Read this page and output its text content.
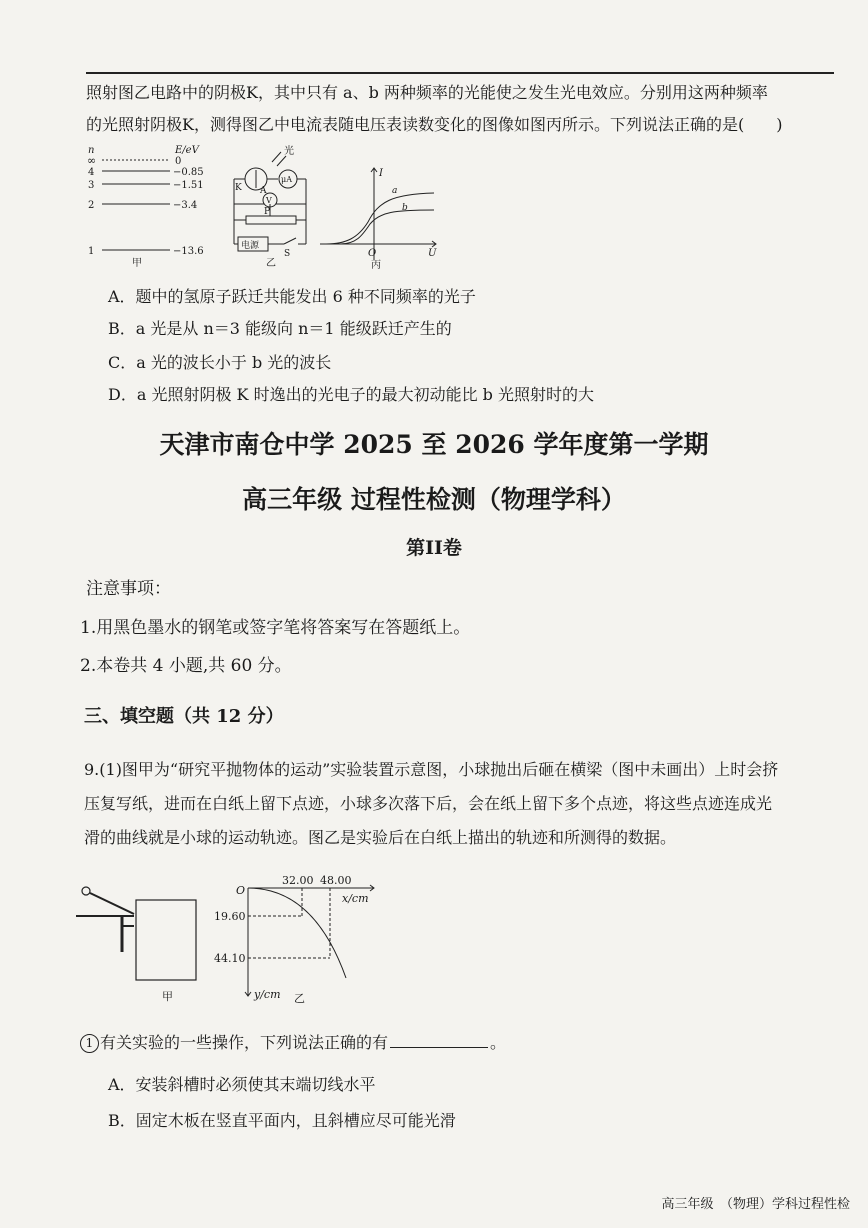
照射图乙电路中的阴极K，其中只有 a、b 两种频率的光能使之发生光电效应。分别用这两种频率
的光照射阴极K，测得图乙中电流表随电压表读数变化的图像如图丙所示。下列说法正确的是(　　)
n	E/eV
∞	0
4	−0.85
3	−1.51
2	−3.4
1	−13.6
甲
光
K A
μA
V
P
电源
S
乙
I
U
O
a
b
丙
A．题中的氢原子跃迁共能发出 6 种不同频率的光子
B．a 光是从 n＝3 能级向 n＝1 能级跃迁产生的
C．a 光的波长小于 b 光的波长
D．a 光照射阴极 K 时逸出的光电子的最大初动能比 b 光照射时的大
天津市南仓中学 2025 至 2026 学年度第一学期
高三年级 过程性检测（物理学科）
第II卷
注意事项：
1.用黑色墨水的钢笔或签字笔将答案写在答题纸上。
2.本卷共 4 小题,共 60 分。
三、填空题（共 12 分）
9.(1)图甲为“研究平抛物体的运动”实验装置示意图，小球抛出后砸在横梁（图中未画出）上时会挤
压复写纸，进而在白纸上留下点迹，小球多次落下后，会在纸上留下多个点迹，将这些点迹连成光
滑的曲线就是小球的运动轨迹。图乙是实验后在白纸上描出的轨迹和所测得的数据。
甲
O
32.00 48.00
x/cm
19.60
44.10
y/cm 乙
1 有关实验的一些操作，下列说法正确的有	。
A．安装斜槽时必须使其末端切线水平
B．固定木板在竖直平面内，且斜槽应尽可能光滑
高三年级　（物理）学科过程性检
